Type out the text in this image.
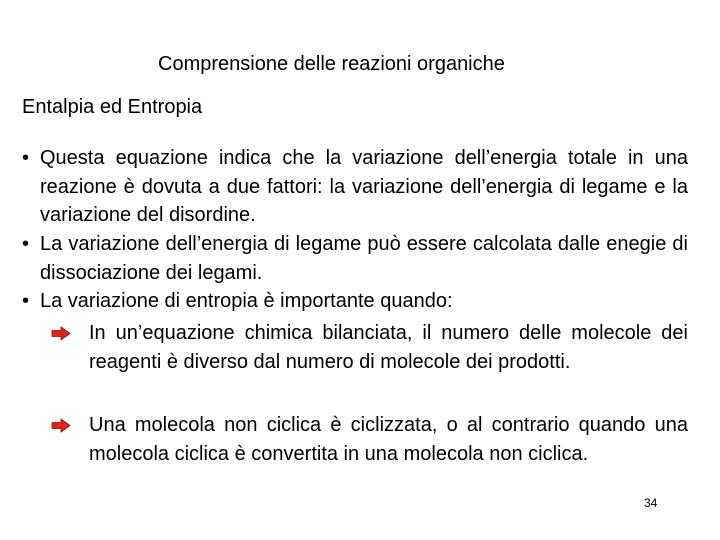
Comprensione delle reazioni organiche
Entalpia ed Entropia
• Questa equazione indica che la variazione dell’energia totale in una reazione è dovuta a due fattori: la variazione dell’energia di legame e la variazione del disordine.
• La variazione dell’energia di legame può essere calcolata dalle enegie di dissociazione dei legami.
• La variazione di entropia è importante quando:
In un’equazione chimica bilanciata, il numero delle molecole dei reagenti è diverso dal numero di molecole dei prodotti.
Una molecola non ciclica è ciclizzata, o al contrario quando una molecola ciclica è convertita in una molecola non ciclica.
34
